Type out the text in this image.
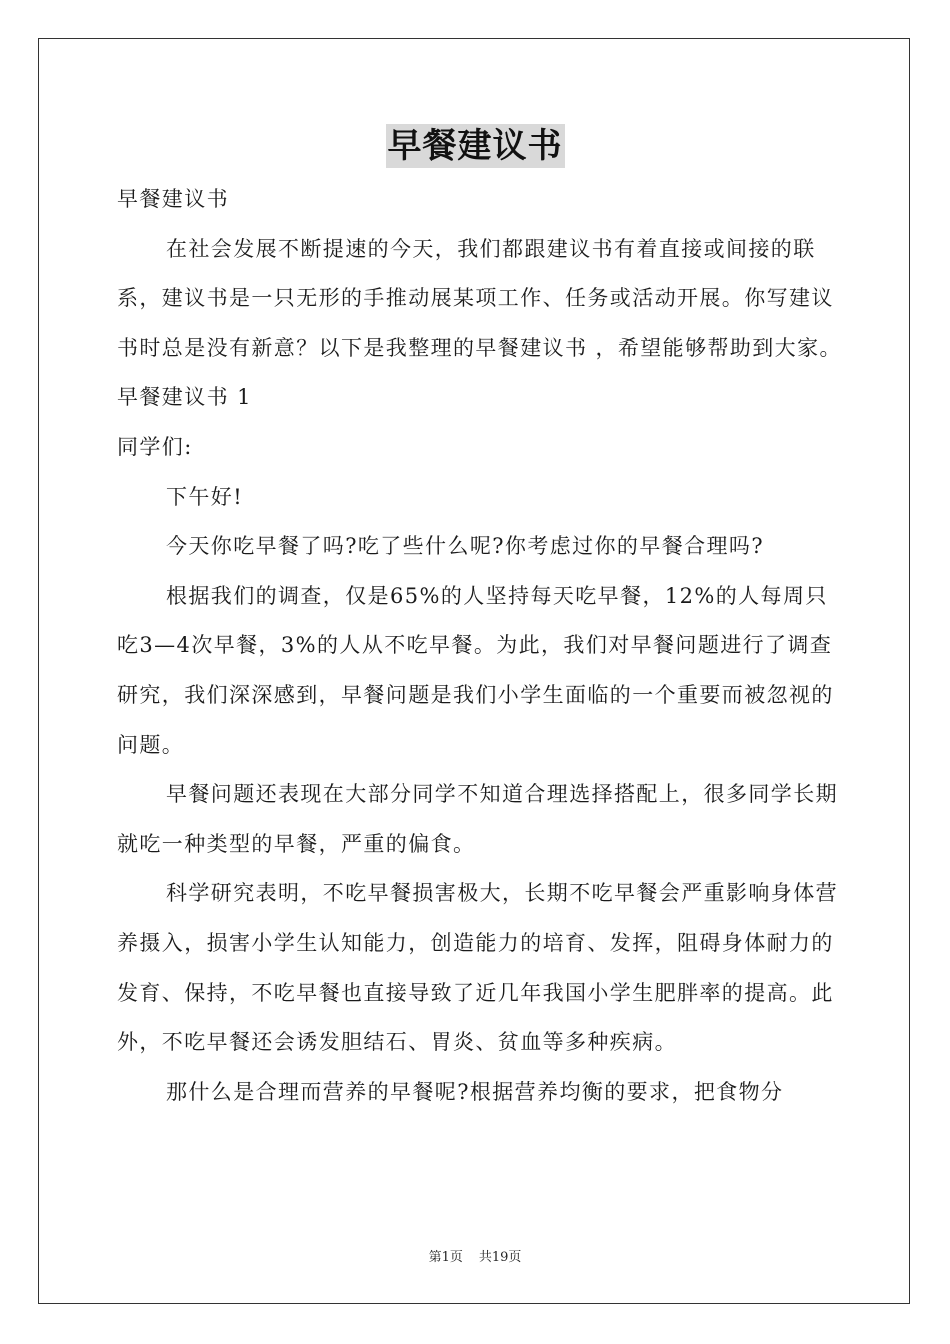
早餐建议书

早餐建议书

在社会发展不断提速的今天，我们都跟建议书有着直接或间接的联系，建议书是一只无形的手推动展某项工作、任务或活动开展。你写建议书时总是没有新意？以下是我整理的早餐建议书 ，希望能够帮助到大家。

早餐建议书 1

同学们:

下午好!

今天你吃早餐了吗?吃了些什么呢?你考虑过你的早餐合理吗?

根据我们的调查，仅是65%的人坚持每天吃早餐，12%的人每周只吃3—4次早餐，3%的人从不吃早餐。为此，我们对早餐问题进行了调查研究，我们深深感到，早餐问题是我们小学生面临的一个重要而被忽视的问题。

早餐问题还表现在大部分同学不知道合理选择搭配上，很多同学长期就吃一种类型的早餐，严重的偏食。

科学研究表明，不吃早餐损害极大，长期不吃早餐会严重影响身体营养摄入，损害小学生认知能力，创造能力的培育、发挥，阻碍身体耐力的发育、保持，不吃早餐也直接导致了近几年我国小学生肥胖率的提高。此外，不吃早餐还会诱发胆结石、胃炎、贫血等多种疾病。

那什么是合理而营养的早餐呢?根据营养均衡的要求，把食物分

第1页 共19页
